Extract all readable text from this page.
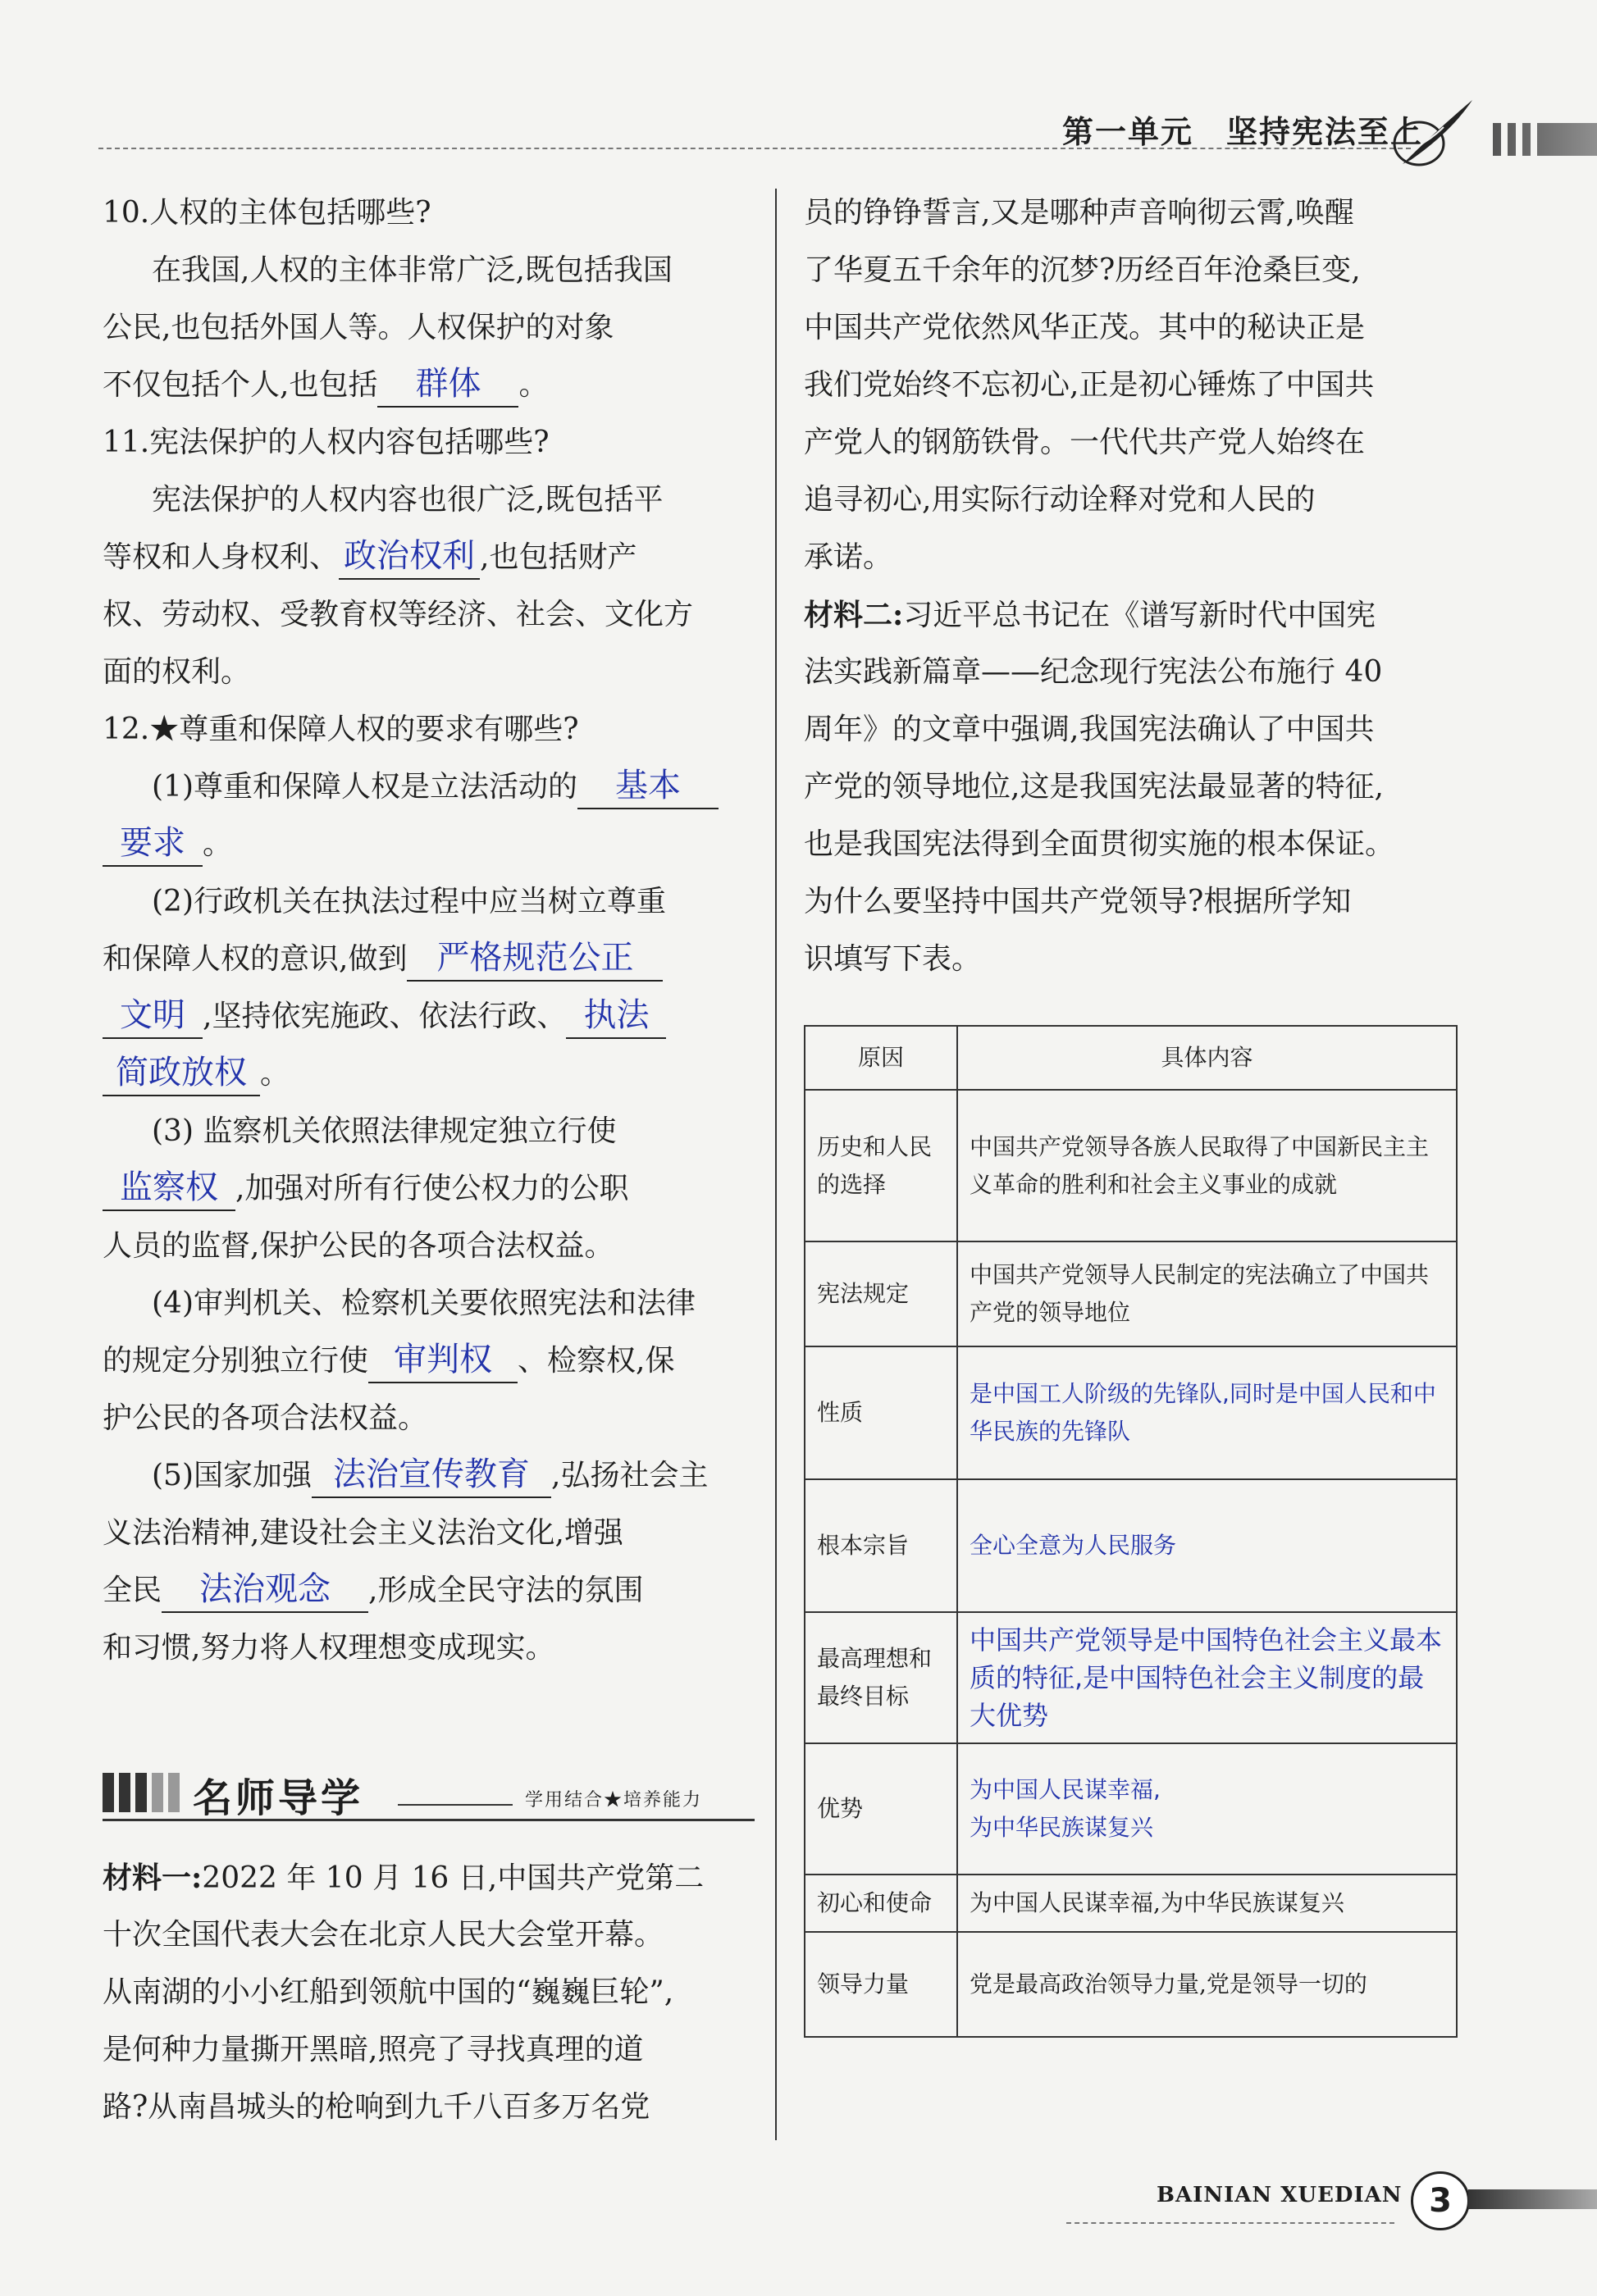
第一单元　坚持宪法至上
10.人权的主体包括哪些?
在我国,人权的主体非常广泛,既包括我国
公民,也包括外国人等。人权保护的对象
不仅包括个人,也包括 群体 。
11.宪法保护的人权内容包括哪些?
宪法保护的人权内容也很广泛,既包括平
等权和人身权利、 政治权利 ,也包括财产
权、劳动权、受教育权等经济、社会、文化方
面的权利。
12.★尊重和保障人权的要求有哪些?
(1)尊重和保障人权是立法活动的 基本
要求 。
(2)行政机关在执法过程中应当树立尊重
和保障人权的意识,做到 严格规范公正
文明 ,坚持依宪施政、依法行政、 执法
简政放权 。
(3) 监察机关依照法律规定独立行使
监察权 ,加强对所有行使公权力的公职
人员的监督,保护公民的各项合法权益。
(4)审判机关、检察机关要依照宪法和法律
的规定分别独立行使 审判权 、检察权,保
护公民的各项合法权益。
(5)国家加强 法治宣传教育 ,弘扬社会主
义法治精神,建设社会主义法治文化,增强
全民 法治观念 ,形成全民守法的氛围
和习惯,努力将人权理想变成现实。
名师导学	学用结合★培养能力
材料一:2022 年 10 月 16 日,中国共产党第二
十次全国代表大会在北京人民大会堂开幕。
从南湖的小小红船到领航中国的“巍巍巨轮”,
是何种力量撕开黑暗,照亮了寻找真理的道
路?从南昌城头的枪响到九千八百多万名党
员的铮铮誓言,又是哪种声音响彻云霄,唤醒
了华夏五千余年的沉梦?历经百年沧桑巨变,
中国共产党依然风华正茂。其中的秘诀正是
我们党始终不忘初心,正是初心锤炼了中国共
产党人的钢筋铁骨。一代代共产党人始终在
追寻初心,用实际行动诠释对党和人民的
承诺。
材料二:习近平总书记在《谱写新时代中国宪
法实践新篇章——纪念现行宪法公布施行 40
周年》的文章中强调,我国宪法确认了中国共
产党的领导地位,这是我国宪法最显著的特征,
也是我国宪法得到全面贯彻实施的根本保证。
为什么要坚持中国共产党领导?根据所学知
识填写下表。
原因	具体内容
历史和人民
的选择	中国共产党领导各族人民取得了中国新民主主义革命的胜利和社会主义事业的成就
宪法规定	中国共产党领导人民制定的宪法确立了中国共产党的领导地位
性质	是中国工人阶级的先锋队,同时是中国人民和中华民族的先锋队
根本宗旨	全心全意为人民服务
最高理想和
最终目标	中国共产党领导是中国特色社会主义最本质的特征,是中国特色社会主义制度的最大优势
优势	为中国人民谋幸福,
为中华民族谋复兴
初心和使命	为中国人民谋幸福,为中华民族谋复兴
领导力量	党是最高政治领导力量,党是领导一切的
BAINIAN XUEDIAN 3
